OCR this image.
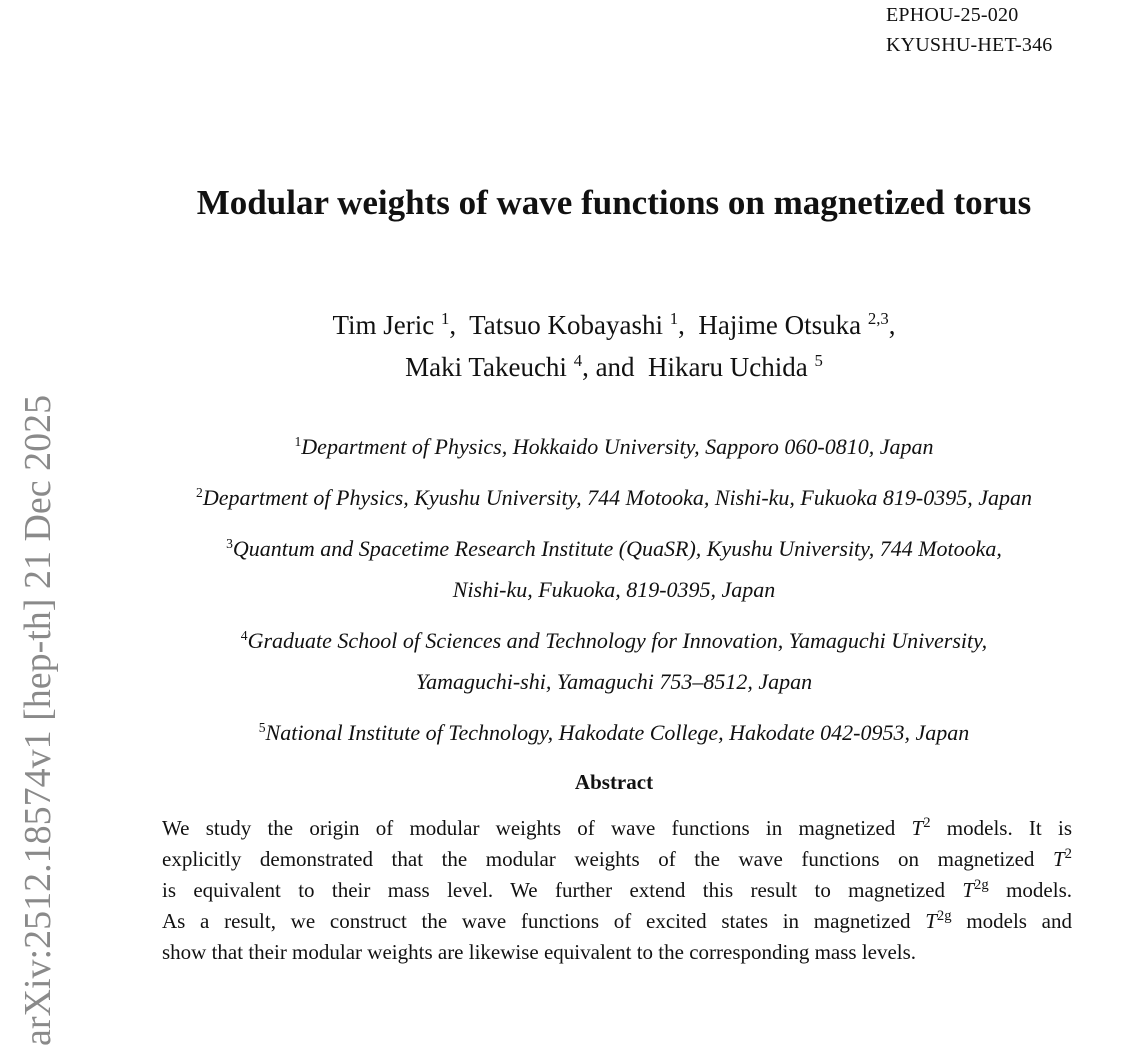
EPHOU-25-020
KYUSHU-HET-346
arXiv:2512.18574v1 [hep-th] 21 Dec 2025
Modular weights of wave functions on magnetized torus
Tim Jeric $^1$,  Tatsuo Kobayashi $^1$,  Hajime Otsuka $^{2,3}$,
Maki Takeuchi $^4$, and Hikaru Uchida $^5$
$^1$Department of Physics, Hokkaido University, Sapporo 060-0810, Japan
$^2$Department of Physics, Kyushu University, 744 Motooka, Nishi-ku, Fukuoka 819-0395, Japan
$^3$Quantum and Spacetime Research Institute (QuaSR), Kyushu University, 744 Motooka,
Nishi-ku, Fukuoka, 819-0395, Japan
$^4$Graduate School of Sciences and Technology for Innovation, Yamaguchi University,
Yamaguchi-shi, Yamaguchi 753–8512, Japan
$^5$National Institute of Technology, Hakodate College, Hakodate 042-0953, Japan
Abstract
We study the origin of modular weights of wave functions in magnetized $T^2$ models. It is
explicitly demonstrated that the modular weights of the wave functions on magnetized $T^2$
is equivalent to their mass level. We further extend this result to magnetized $T^{2g}$ models.
As a result, we construct the wave functions of excited states in magnetized $T^{2g}$ models and
show that their modular weights are likewise equivalent to the corresponding mass levels.
